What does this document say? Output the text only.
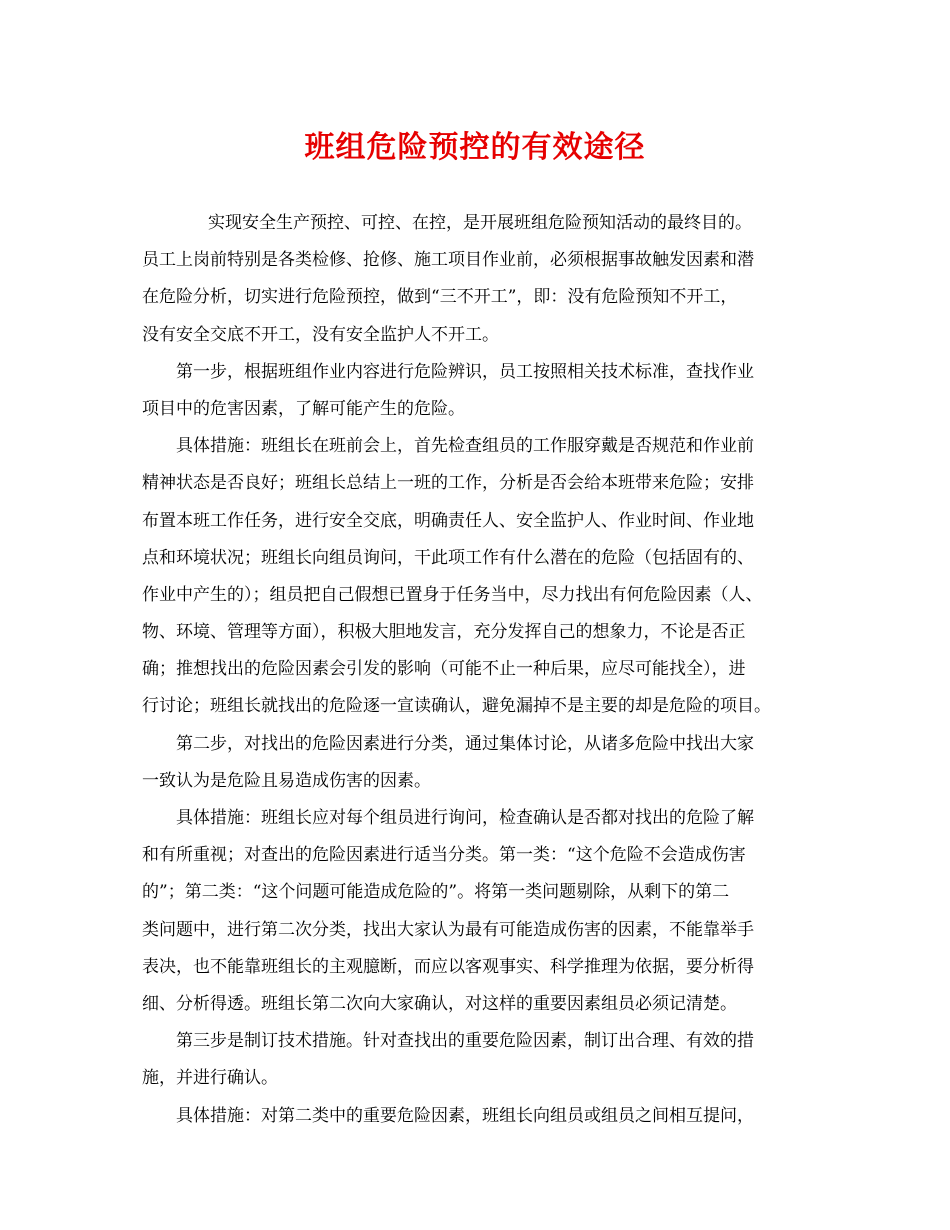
班组危险预控的有效途径
实现安全生产预控、可控、在控，是开展班组危险预知活动的最终目的。
员工上岗前特别是各类检修、抢修、施工项目作业前，必须根据事故触发因素和潜
在危险分析，切实进行危险预控，做到“三不开工”，即：没有危险预知不开工，
没有安全交底不开工，没有安全监护人不开工。
第一步，根据班组作业内容进行危险辨识，员工按照相关技术标准，查找作业
项目中的危害因素，了解可能产生的危险。
具体措施：班组长在班前会上，首先检查组员的工作服穿戴是否规范和作业前
精神状态是否良好；班组长总结上一班的工作，分析是否会给本班带来危险；安排
布置本班工作任务，进行安全交底，明确责任人、安全监护人、作业时间、作业地
点和环境状况；班组长向组员询问，干此项工作有什么潜在的危险（包括固有的、
作业中产生的）；组员把自己假想已置身于任务当中，尽力找出有何危险因素（人、
物、环境、管理等方面），积极大胆地发言，充分发挥自己的想象力，不论是否正
确；推想找出的危险因素会引发的影响（可能不止一种后果，应尽可能找全），进
行讨论；班组长就找出的危险逐一宣读确认，避免漏掉不是主要的却是危险的项目。
第二步，对找出的危险因素进行分类，通过集体讨论，从诸多危险中找出大家
一致认为是危险且易造成伤害的因素。
具体措施：班组长应对每个组员进行询问，检查确认是否都对找出的危险了解
和有所重视；对查出的危险因素进行适当分类。第一类：“这个危险不会造成伤害
的”；第二类：“这个问题可能造成危险的”。将第一类问题剔除，从剩下的第二
类问题中，进行第二次分类，找出大家认为最有可能造成伤害的因素，不能靠举手
表决，也不能靠班组长的主观臆断，而应以客观事实、科学推理为依据，要分析得
细、分析得透。班组长第二次向大家确认，对这样的重要因素组员必须记清楚。
第三步是制订技术措施。针对查找出的重要危险因素，制订出合理、有效的措
施，并进行确认。
具体措施：对第二类中的重要危险因素，班组长向组员或组员之间相互提问，
